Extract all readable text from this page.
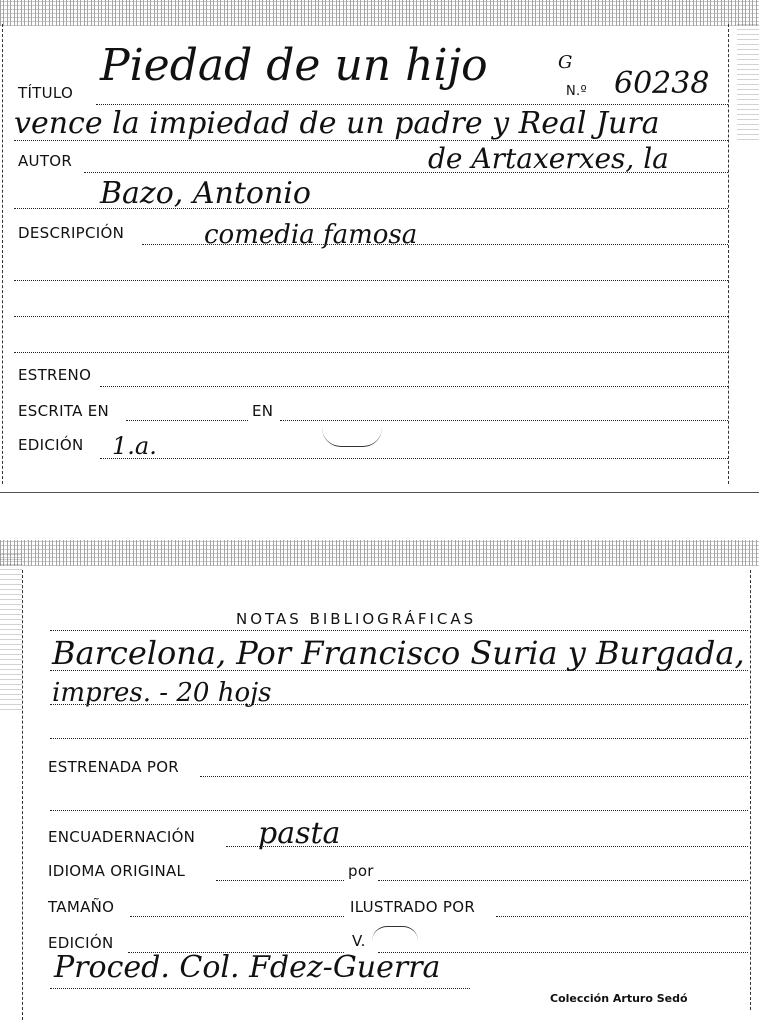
TÍTULO
Piedad de un hijo	G
N.º 60238
vence la impiedad de un padre y Real Jura
AUTOR	de Artaxerxes, la
Bazo, Antonio
DESCRIPCIÓN	comedia famosa
ESTRENO
ESCRITA EN	EN
EDICIÓN 1.a.
NOTAS BIBLIOGRÁFICAS
Barcelona, Por Francisco Suria y Burgada,
impres. - 20 hojs
ESTRENADA POR
ENCUADERNACIÓN pasta
IDIOMA ORIGINAL	por
TAMAÑO	ILUSTRADO POR
EDICIÓN	V.
Proced. Col. Fdez-Guerra
Colección Arturo Sedó
